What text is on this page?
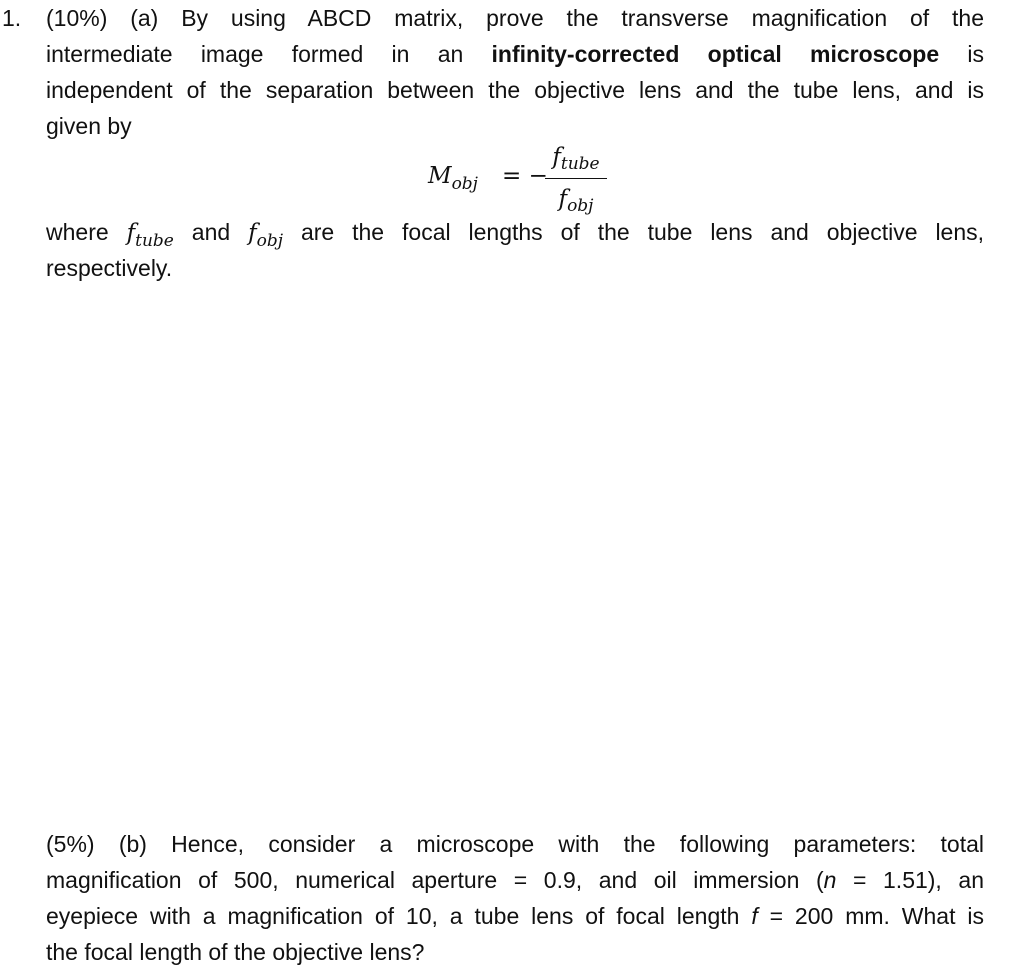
1. (10%) (a) By using ABCD matrix, prove the transverse magnification of the
intermediate image formed in an infinity-corrected optical microscope is
independent of the separation between the objective lens and the tube lens, and is
given by
$M_{obj}$ = −
$f_{tube}$
$f_{obj}$
where $f_{tube}$ and $f_{obj}$ are the focal lengths of the tube lens and objective lens,
respectively.
(5%) (b) Hence, consider a microscope with the following parameters: total
magnification of 500, numerical aperture = 0.9, and oil immersion (n = 1.51), an
eyepiece with a magnification of 10, a tube lens of focal length f = 200 mm. What is
the focal length of the objective lens?
